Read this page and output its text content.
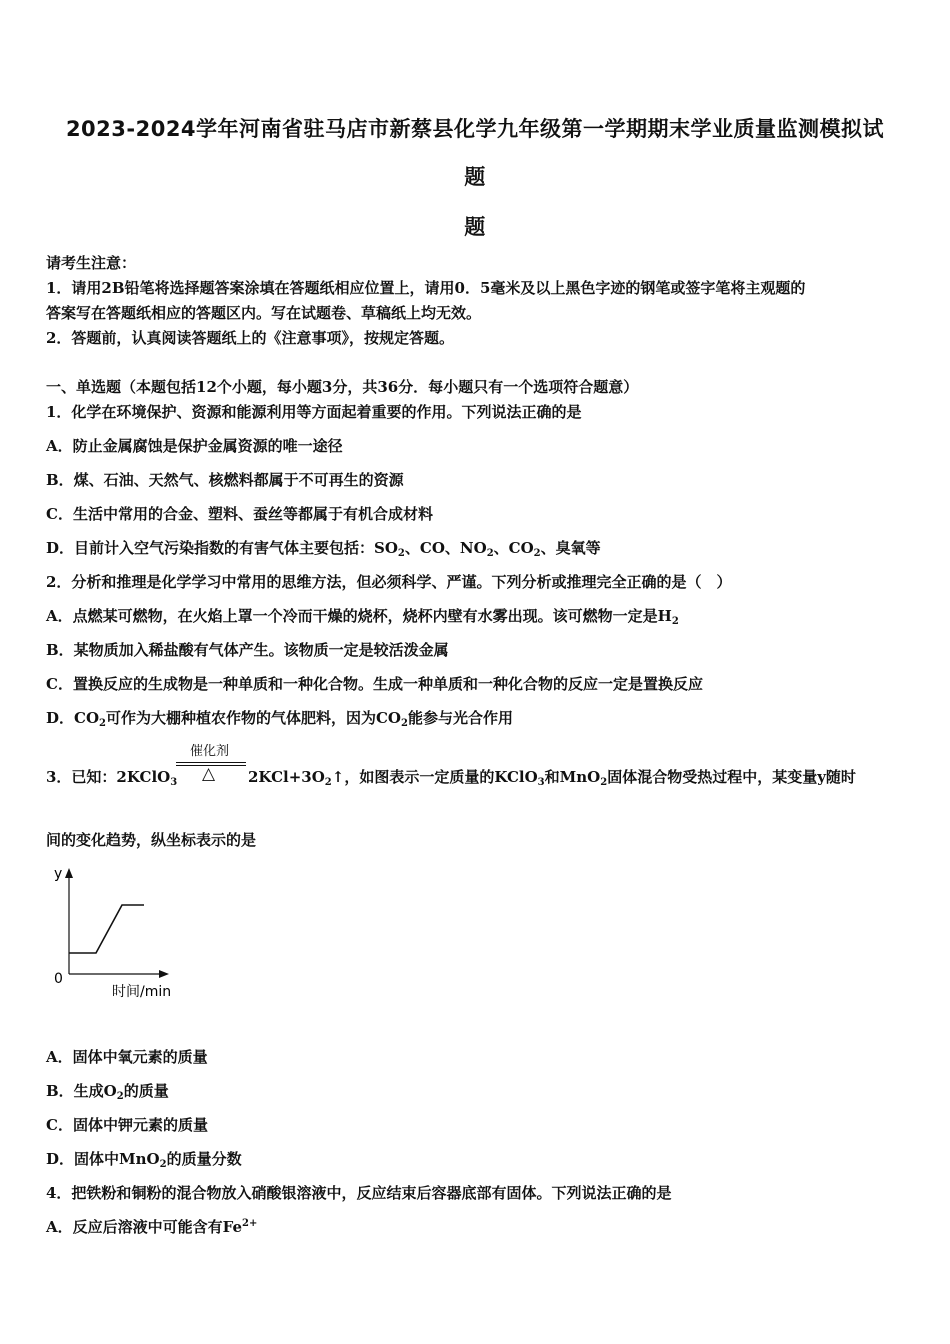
2023-2024学年河南省驻马店市新蔡县化学九年级第一学期期末学业质量监测模拟试
题
题
请考生注意：
1．请用2B铅笔将选择题答案涂填在答题纸相应位置上，请用0．5毫米及以上黑色字迹的钢笔或签字笔将主观题的
答案写在答题纸相应的答题区内。写在试题卷、草稿纸上均无效。
2．答题前，认真阅读答题纸上的《注意事项》，按规定答题。
一、单选题（本题包括12个小题，每小题3分，共36分．每小题只有一个选项符合题意）
1．化学在环境保护、资源和能源利用等方面起着重要的作用。下列说法正确的是
A．防止金属腐蚀是保护金属资源的唯一途径
B．煤、石油、天然气、核燃料都属于不可再生的资源
C．生活中常用的合金、塑料、蚕丝等都属于有机合成材料
D．目前计入空气污染指数的有害气体主要包括：$SO_2$、CO、$NO_2$、$CO_2$、臭氧等
2．分析和推理是化学学习中常用的思维方法，但必须科学、严谨。下列分析或推理完全正确的是（　）
A．点燃某可燃物，在火焰上罩一个冷而干燥的烧杯，烧杯内壁有水雾出现。该可燃物一定是$H_2$
B．某物质加入稀盐酸有气体产生。该物质一定是较活泼金属
C．置换反应的生成物是一种单质和一种化合物。生成一种单质和一种化合物的反应一定是置换反应
D．$CO_2$可作为大棚种植农作物的气体肥料，因为$CO_2$能参与光合作用
3．已知：2KClO$_3$
催化剂
△ $2KCl+3O_2↑$，如图表示一定质量的KClO$_3$和MnO$_2$固体混合物受热过程中，某变量y随时
间的变化趋势，纵坐标表示的是
y
0
时间/min
A．固体中氧元素的质量
B．生成$O_2$的质量
C．固体中钾元素的质量
D．固体中MnO$_2$的质量分数
4．把铁粉和铜粉的混合物放入硝酸银溶液中，反应结束后容器底部有固体。下列说法正确的是
A．反应后溶液中可能含有$Fe^{2+}$
